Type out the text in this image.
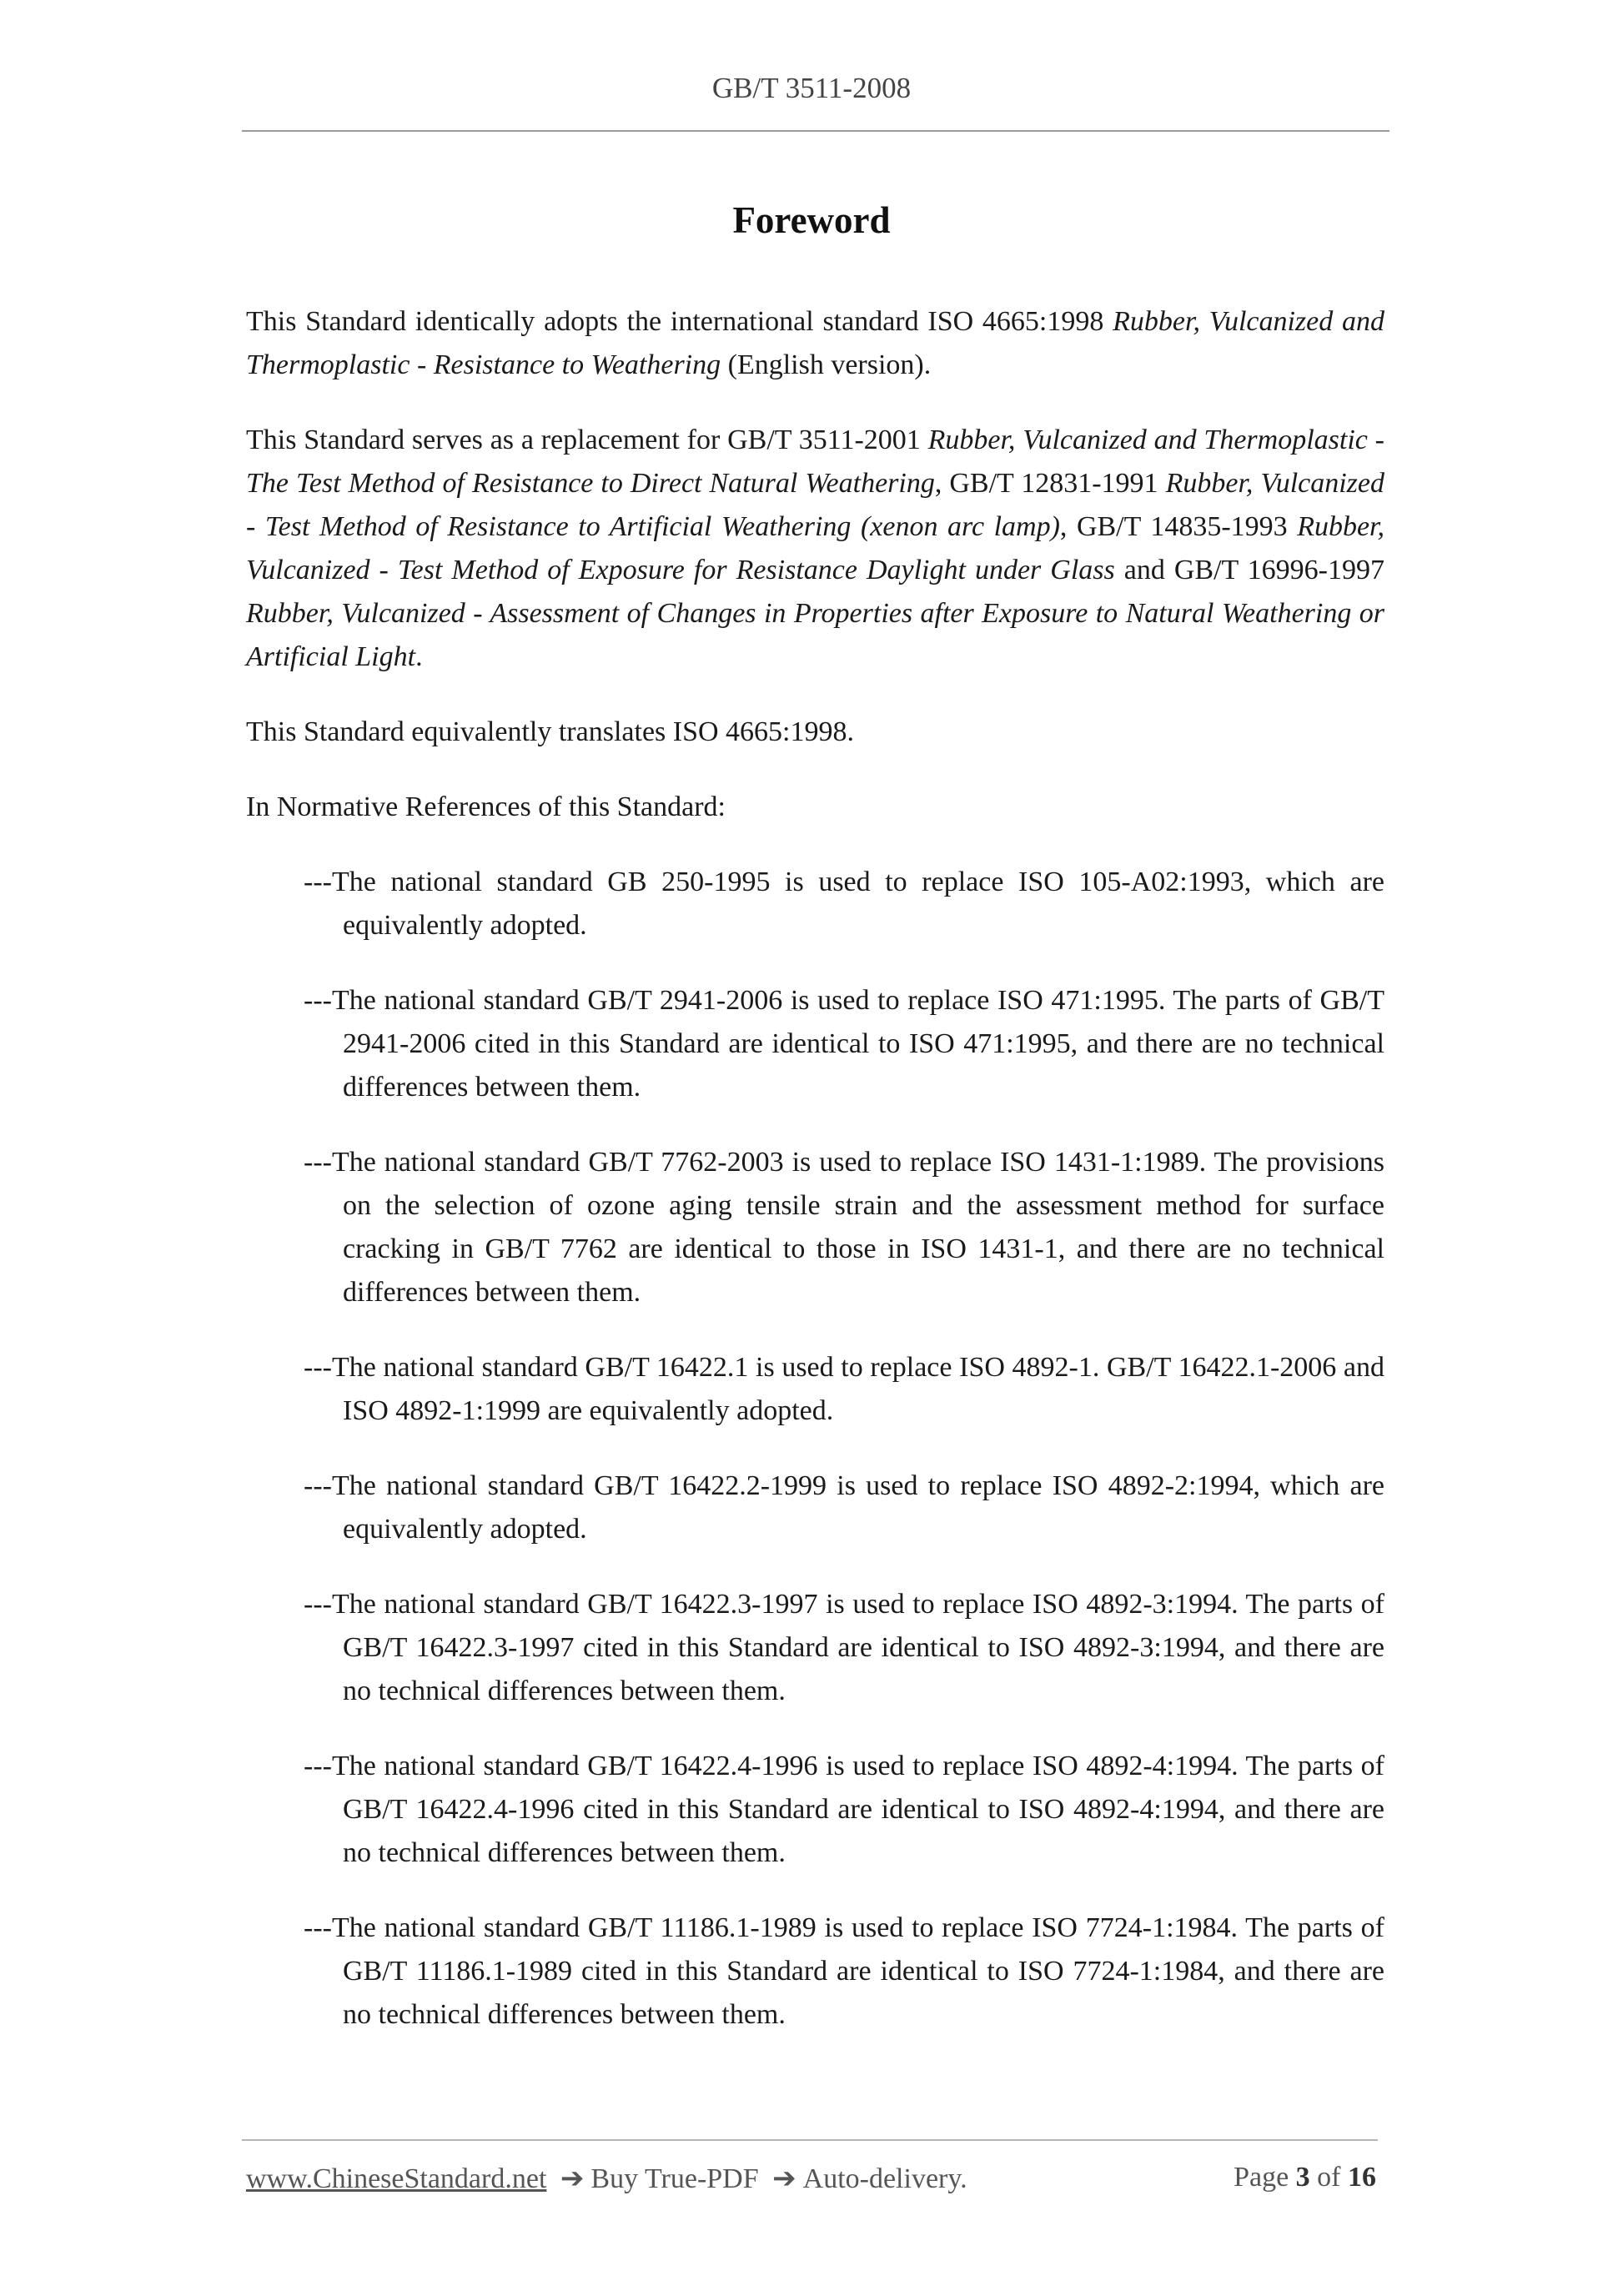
GB/T 3511-2008
Foreword

This Standard identically adopts the international standard ISO 4665:1998 Rubber, Vulcanized and Thermoplastic - Resistance to Weathering (English version).

This Standard serves as a replacement for GB/T 3511-2001 Rubber, Vulcanized and Thermoplastic - The Test Method of Resistance to Direct Natural Weathering, GB/T 12831-1991 Rubber, Vulcanized - Test Method of Resistance to Artificial Weathering (xenon arc lamp), GB/T 14835-1993 Rubber, Vulcanized - Test Method of Exposure for Resistance Daylight under Glass and GB/T 16996-1997 Rubber, Vulcanized - Assessment of Changes in Properties after Exposure to Natural Weathering or Artificial Light.

This Standard equivalently translates ISO 4665:1998.

In Normative References of this Standard:

---The national standard GB 250-1995 is used to replace ISO 105-A02:1993, which are equivalently adopted.
---The national standard GB/T 2941-2006 is used to replace ISO 471:1995. The parts of GB/T 2941-2006 cited in this Standard are identical to ISO 471:1995, and there are no technical differences between them.
---The national standard GB/T 7762-2003 is used to replace ISO 1431-1:1989. The provisions on the selection of ozone aging tensile strain and the assessment method for surface cracking in GB/T 7762 are identical to those in ISO 1431-1, and there are no technical differences between them.
---The national standard GB/T 16422.1 is used to replace ISO 4892-1. GB/T 16422.1-2006 and ISO 4892-1:1999 are equivalently adopted.
---The national standard GB/T 16422.2-1999 is used to replace ISO 4892-2:1994, which are equivalently adopted.
---The national standard GB/T 16422.3-1997 is used to replace ISO 4892-3:1994. The parts of GB/T 16422.3-1997 cited in this Standard are identical to ISO 4892-3:1994, and there are no technical differences between them.
---The national standard GB/T 16422.4-1996 is used to replace ISO 4892-4:1994. The parts of GB/T 16422.4-1996 cited in this Standard are identical to ISO 4892-4:1994, and there are no technical differences between them.
---The national standard GB/T 11186.1-1989 is used to replace ISO 7724-1:1984. The parts of GB/T 11186.1-1989 cited in this Standard are identical to ISO 7724-1:1984, and there are no technical differences between them.
www.ChineseStandard.net ➔ Buy True-PDF ➔ Auto-delivery.	Page 3 of 16
